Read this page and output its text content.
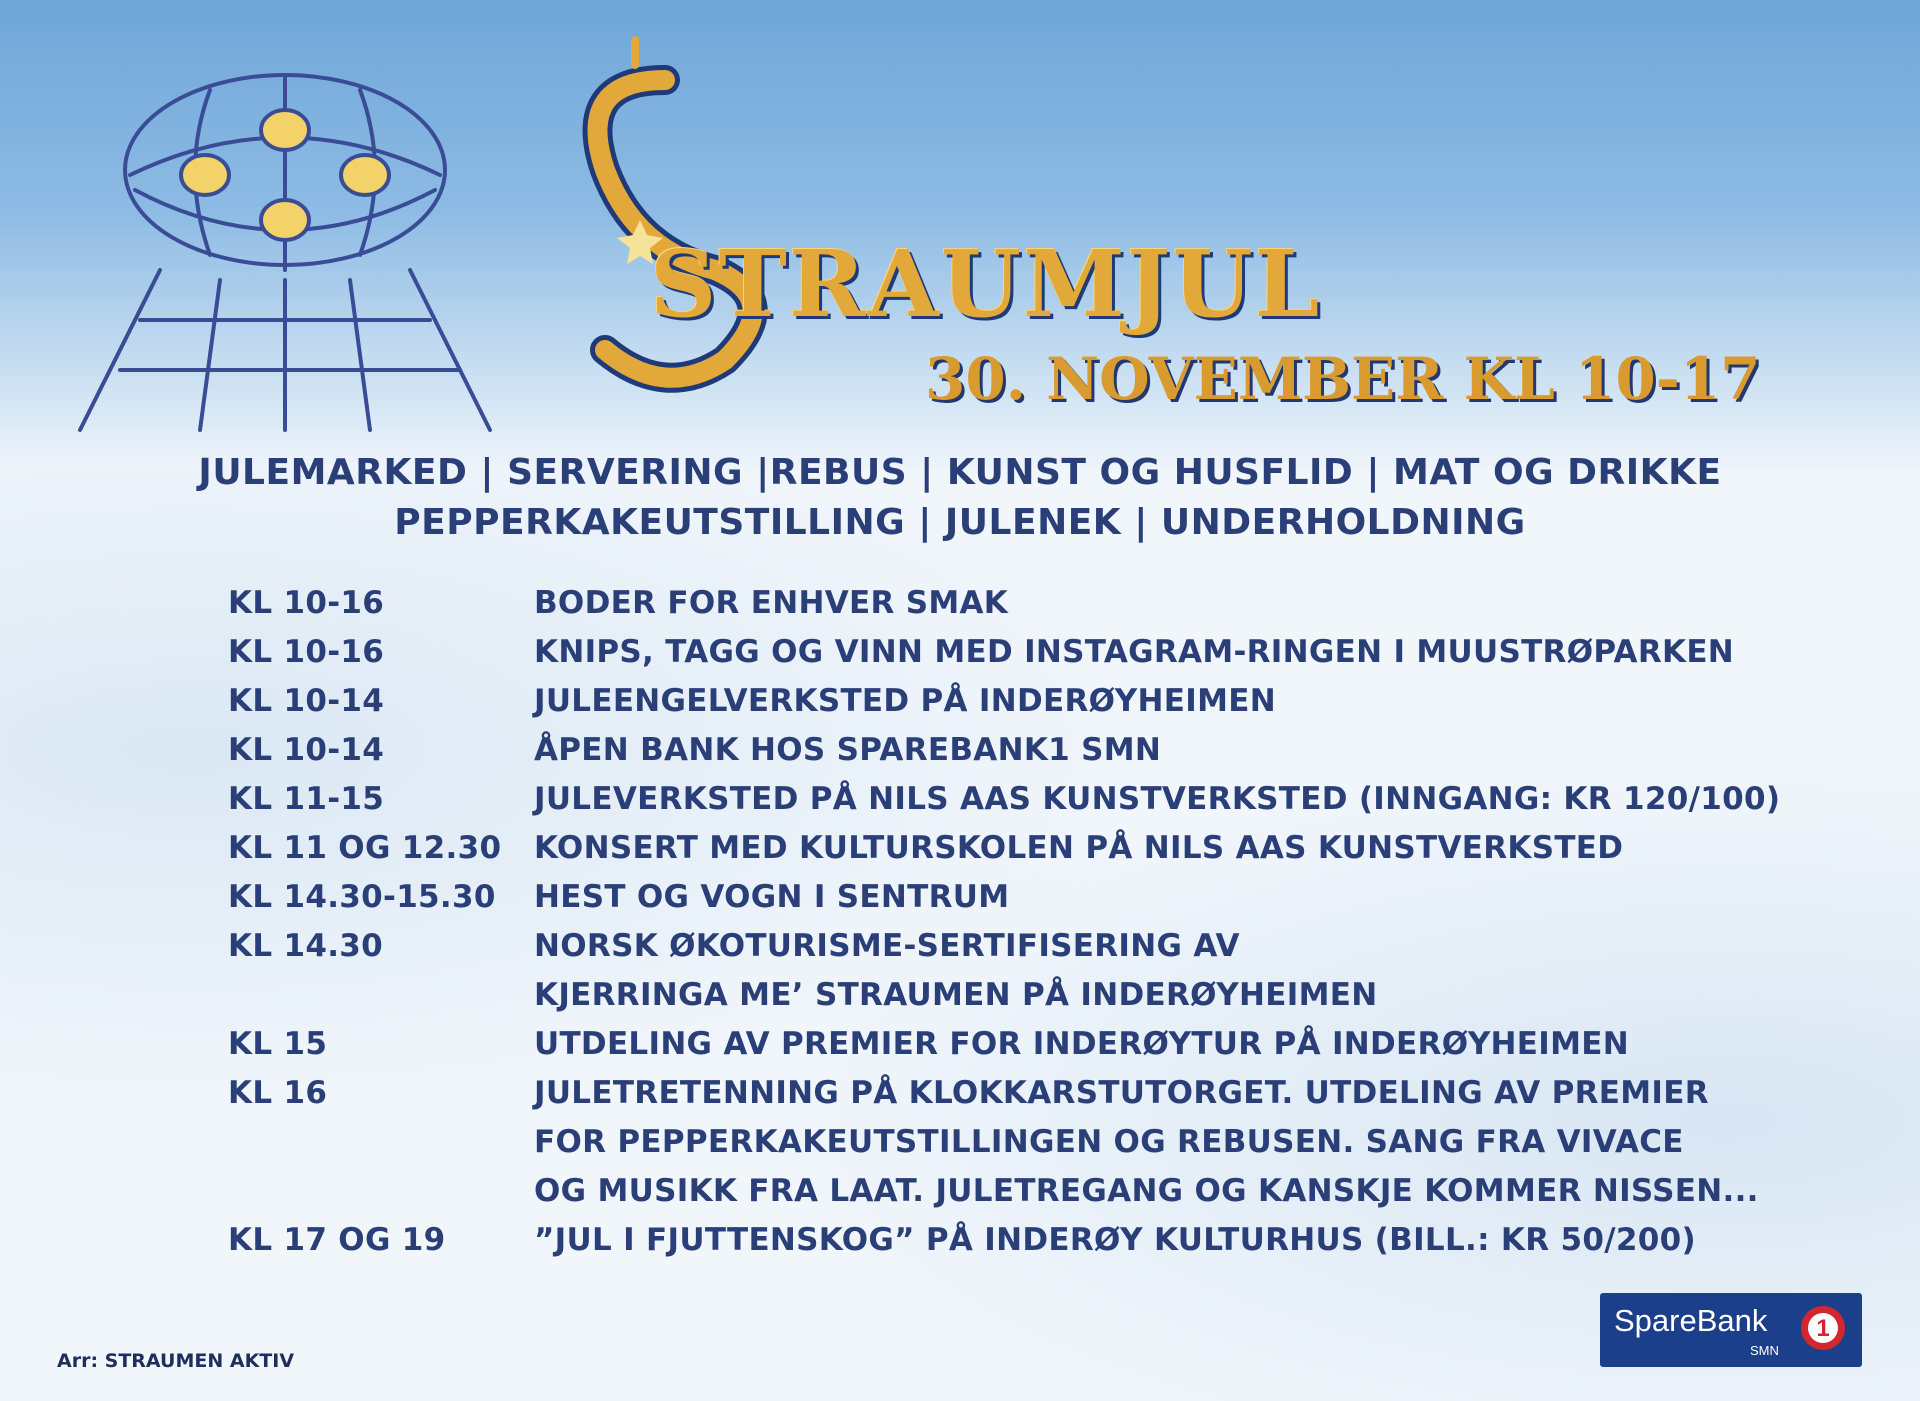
STRAUMJUL
30. NOVEMBER KL 10-17
JULEMARKED | SERVERING |REBUS | KUNST OG HUSFLID | MAT OG DRIKKE
PEPPERKAKEUTSTILLING | JULENEK | UNDERHOLDNING
KL 10-16	BODER FOR ENHVER SMAK
KL 10-16	KNIPS, TAGG OG VINN MED INSTAGRAM-RINGEN I MUUSTRØPARKEN
KL 10-14	JULEENGELVERKSTED PÅ INDERØYHEIMEN
KL 10-14	ÅPEN BANK HOS SPAREBANK1 SMN
KL 11-15	JULEVERKSTED PÅ NILS AAS KUNSTVERKSTED (INNGANG: KR 120/100)
KL 11 OG 12.30	KONSERT MED KULTURSKOLEN PÅ NILS AAS KUNSTVERKSTED
KL 14.30-15.30	HEST OG VOGN I SENTRUM
KL 14.30	NORSK ØKOTURISME-SERTIFISERING AV
KJERRINGA ME’ STRAUMEN PÅ INDERØYHEIMEN
KL 15	UTDELING AV PREMIER FOR INDERØYTUR PÅ INDERØYHEIMEN
KL 16	JULETRETENNING PÅ KLOKKARSTUTORGET. UTDELING AV PREMIER
FOR PEPPERKAKEUTSTILLINGEN OG REBUSEN. SANG FRA VIVACE
OG MUSIKK FRA LAAT. JULETREGANG OG KANSKJE KOMMER NISSEN...
KL 17 OG 19	”JUL I FJUTTENSKOG” PÅ INDERØY KULTURHUS (BILL.: KR 50/200)
Arr: STRAUMEN AKTIV
SpareBank 1
SMN
